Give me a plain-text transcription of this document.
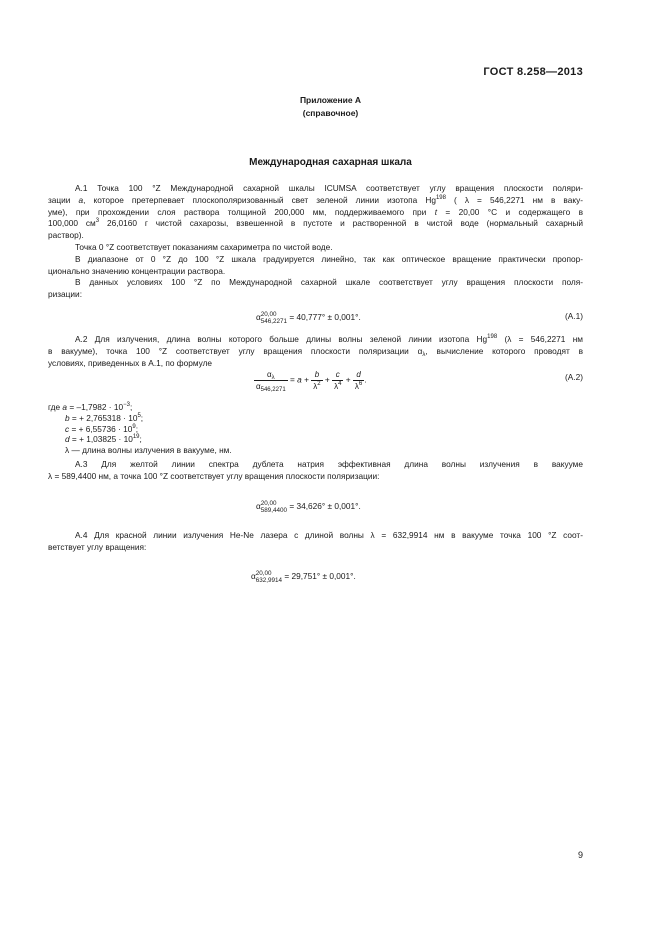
ГОСТ 8.258—2013
Приложение А
(справочное)
Международная сахарная шкала

А.1 Точка 100 °Z Международной сахарной шкалы ICUMSA соответствует углу вращения плоскости поляри-

зации a, которое претерпевает плоскополяризованный свет зеленой линии изотопа Hg$^{198}$ ( λ = 546,2271 нм в ваку-

уме), при прохождении слоя раствора толщиной 200,000 мм, поддерживаемого при t = 20,00 °C и содержащего в

100,000 $см^3$ 26,0160 г чистой сахарозы, взвешенной в пустоте и растворенной в чистой воде (нормальный сахарный

раствор).

Точка 0 °Z соответствует показаниям сахариметра по чистой воде.

В диапазоне от 0 °Z до 100 °Z шкала градуируется линейно, так как оптическое вращение практически пропор-

ционально значению концентрации раствора.

В данных условиях 100 °Z по Международной сахарной шкале соответствует углу вращения плоскости поля-

ризации:

α20,00
546,2271 = 40,777° ± 0,001°.	(A.1)

А.2 Для излучения, длина волны которого больше длины волны зеленой линии изотопа Hg$^{198}$ (λ = 546,2271 нм

в вакууме), точка 100 °Z соответствует углу вращения плоскости поляризации $\alpha_\lambda$, вычисление которого проводят в

условиях, приведенных в А.1, по формуле

$\frac{\alpha_\lambda}{\alpha_{546,2271}} = a + \frac{b}{\lambda^2} + \frac{c}{\lambda^4} + \frac{d}{\lambda^6}$ .	(A.2)
где $a = -1,7982 \cdot 10^{-3}$;
b = + $2,765318 \cdot 10^5$;
c = + $6,55736 \cdot 10^9$;
d = + $1,03825 \cdot 10^{19}$;
λ — длина волны излучения в вакууме, нм.

А.3 Для желтой линии спектра дублета натрия эффективная длина волны излучения в вакууме

λ = 589,4400 нм, а точка 100 °Z соответствует углу вращения плоскости поляризации:

α20,00
589,4400 = 34,626° ± 0,001°.

А.4 Для красной линии излучения He-Ne лазера с длиной волны λ = 632,9914 нм в вакууме точка 100 °Z соот-

ветствует углу вращения:

α20,00
632,9914 = 29,751° ± 0,001°.
9
